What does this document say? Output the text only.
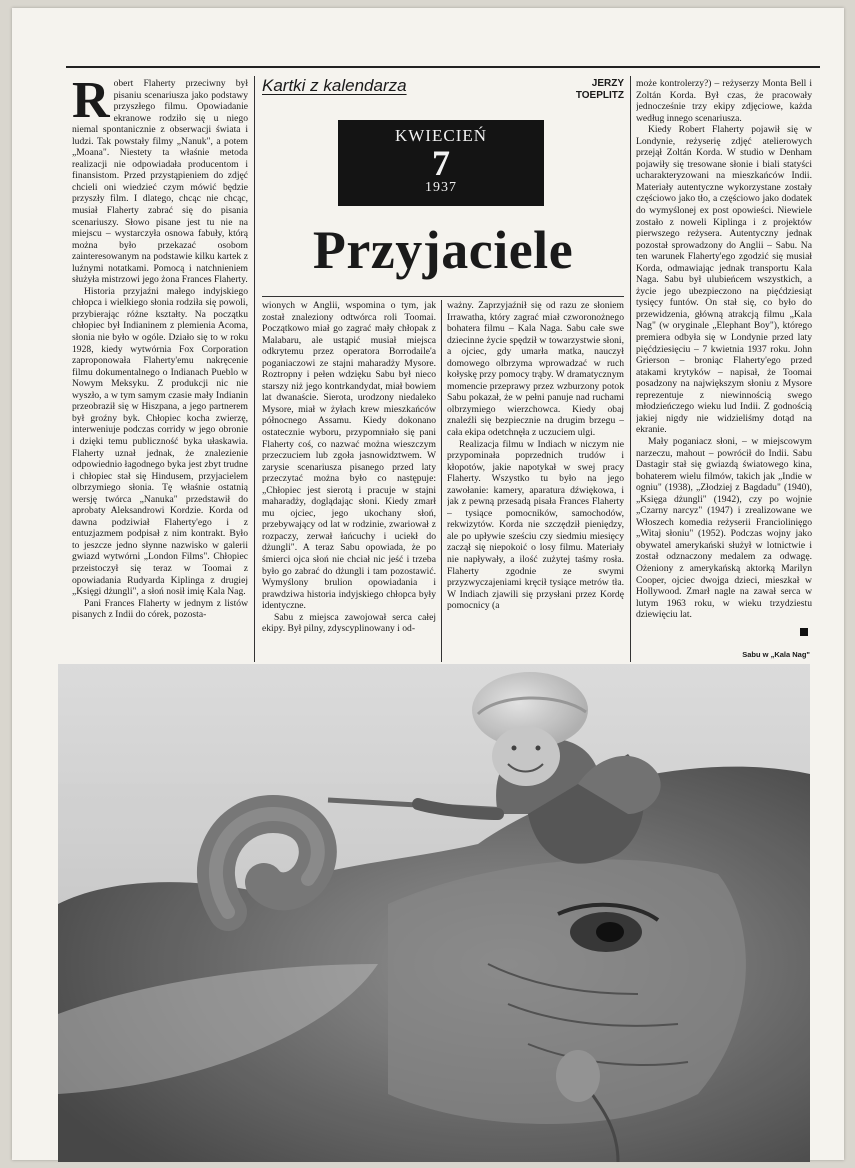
R obert Flaherty przeciwny był pisaniu scenariusza jako podstawy przyszłego filmu. Opowiadanie ekranowe rodziło się u niego niemal spontanicznie z obserwacji świata i ludzi. Tak powstały filmy „Nanuk", a potem „Moana". Niestety ta właśnie metoda realizacji nie odpowiadała producentom i finansistom. Przed przystąpieniem do zdjęć chcieli oni wiedzieć czym mówić będzie przyszły film. I dlatego, chcąc nie chcąc, musiał Flaherty zabrać się do pisania scenariuszy. Słowo pisane jest tu nie na miejscu – wystarczyła osnowa fabuły, którą można było przekazać osobom zainteresowanym na podstawie kilku kartek z luźnymi notatkami. Pomocą i natchnieniem służyła mistrzowi jego żona Frances Flaherty.

Historia przyjaźni małego indyjskiego chłopca i wielkiego słonia rodziła się powoli, przybierając różne kształty. Na początku chłopiec był Indianinem z plemienia Acoma, słonia nie było w ogóle. Działo się to w roku 1928, kiedy wytwórnia Fox Corporation zaproponowała Flaherty'emu nakręcenie filmu dokumentalnego o Indianach Pueblo w Nowym Meksyku. Z produkcji nic nie wyszło, a w tym samym czasie mały Indianin przeobraził się w Hiszpana, a jego partnerem był groźny byk. Chłopiec kocha zwierzę, interweniuje podczas corridy w jego obronie i dzięki temu publiczność byka ułaskawia. Flaherty uznał jednak, że znalezienie odpowiednio łagodnego byka jest zbyt trudne i chłopiec stał się Hindusem, przyjacielem olbrzymiego słonia. Tę właśnie ostatnią wersję twórca „Nanuka" przedstawił do aprobaty Aleksandrowi Kordzie. Korda od dawna podziwiał Flaherty'ego i z entuzjazmem podpisał z nim kontrakt. Było to jeszcze jedno słynne nazwisko w galerii gwiazd wytwórni „London Films". Chłopiec przeistoczył się teraz w Toomai z opowiadania Rudyarda Kiplinga z drugiej „Księgi dżungli", a słoń nosił imię Kala Nag.

Pani Frances Flaherty w jednym z listów pisanych z Indii do córek, pozosta-

Kartki z kalendarza	JERZY
TOEPLITZ
KWIECIEŃ
7
1937
Przyjaciele

wionych w Anglii, wspomina o tym, jak został znaleziony odtwórca roli Toomai. Początkowo miał go zagrać mały chłopak z Malabaru, ale ustąpić musiał miejsca odkrytemu przez operatora Borrodaile'a poganiaczowi ze stajni maharadży Mysore. Roztropny i pełen wdzięku Sabu był nieco starszy niż jego kontrkandydat, miał bowiem lat dwanaście. Sierota, urodzony niedaleko Mysore, miał w żyłach krew mieszkańców północnego Assamu. Kiedy dokonano ostatecznie wyboru, przypomniało się pani Flaherty coś, co nazwać można wieszczym przeczuciem lub zgoła jasnowidztwem. W zarysie scenariusza pisanego przed laty przeczytać można było co następuje: „Chłopiec jest sierotą i pracuje w stajni maharadży, doglądając słoni. Kiedy zmarł mu ojciec, jego ukochany słoń, przebywający od lat w rodzinie, zwariował z rozpaczy, zerwał łańcuchy i uciekł do dżungli". A teraz Sabu opowiada, że po śmierci ojca słoń nie chciał nic jeść i trzeba było go zabrać do dżungli i tam pozostawić. Wymyślony brulion opowiadania i prawdziwa historia indyjskiego chłopca były identyczne.

Sabu z miejsca zawojował serca całej ekipy. Był pilny, zdyscyplinowany i od-

ważny. Zaprzyjaźnił się od razu ze słoniem Irrawatha, który zagrać miał czworonożnego bohatera filmu – Kala Naga. Sabu całe swe dziecinne życie spędził w towarzystwie słoni, a ojciec, gdy umarła matka, nauczył domowego olbrzyma wprowadzać w ruch kołyskę przy pomocy trąby. W dramatycznym momencie przeprawy przez wzburzony potok Sabu pokazał, że w pełni panuje nad ruchami olbrzymiego wierzchowca. Kiedy obaj znaleźli się bezpiecznie na drugim brzegu – cała ekipa odetchnęła z uczuciem ulgi.

Realizacja filmu w Indiach w niczym nie przypominała poprzednich trudów i kłopotów, jakie napotykał w swej pracy Flaherty. Wszystko tu było na jego zawołanie: kamery, aparatura dźwiękowa, i jak z pewną przesadą pisała Frances Flaherty – tysiące pomocników, samochodów, rekwizytów. Korda nie szczędził pieniędzy, ale po upływie sześciu czy siedmiu miesięcy zaczął się niepokoić o losy filmu. Materiały nie napływały, a ilość zużytej taśmy rosła. Flaherty zgodnie ze swymi przyzwyczajeniami kręcił tysiące metrów tła. W Indiach zjawili się przysłani przez Kordę pomocnicy (a

może kontrolerzy?) – reżyserzy Monta Bell i Zoltán Korda. Był czas, że pracowały jednocześnie trzy ekipy zdjęciowe, każda według innego scenariusza.

Kiedy Robert Flaherty pojawił się w Londynie, reżyserię zdjęć atelierowych przejął Zoltán Korda. W studio w Denham pojawiły się tresowane słonie i biali statyści ucharakteryzowani na mieszkańców Indii. Materiały autentyczne wykorzystane zostały częściowo jako tło, a częściowo jako dodatek do wymyślonej ex post opowieści. Niewiele zostało z noweli Kiplinga i z projektów pierwszego reżysera. Autentyczny jednak pozostał sprowadzony do Anglii – Sabu. Na ten warunek Flaherty'ego zgodzić się musiał Korda, odmawiając jednak transportu Kala Naga. Sabu był ulubieńcem wszystkich, a życie jego ubezpieczono na pięćdziesiąt tysięcy funtów. On stał się, co było do przewidzenia, główną atrakcją filmu „Kala Nag" (w oryginale „Elephant Boy"), którego premiera odbyła się w Londynie przed laty pięćdziesięciu – 7 kwietnia 1937 roku. John Grierson – broniąc Flaherty'ego przed atakami krytyków – napisał, że Toomai posadzony na największym słoniu z Mysore reprezentuje z niewinnością swego młodzieńczego wieku lud Indii. Z godnością jakiej nigdy nie widzieliśmy dotąd na ekranie.

Mały poganiacz słoni, – w miejscowym narzeczu, mahout – powrócił do Indii. Sabu Dastagir stał się gwiazdą światowego kina, bohaterem wielu filmów, takich jak „Indie w ogniu" (1938), „Złodziej z Bagdadu" (1940), „Księga dżungli" (1942), czy po wojnie „Czarny narcyz" (1947) i zrealizowane we Włoszech komedia reżyserii Franciolinięgo „Witaj słoniu" (1952). Podczas wojny jako obywatel amerykański służył w lotnictwie i został odznaczony medalem za odwagę. Ożeniony z amerykańską aktorką Marilyn Cooper, ojciec dwojga dzieci, mieszkał w Hollywood. Zmarł nagle na zawał serca w lutym 1963 roku, w wieku trzydziestu dziewięciu lat.

Sabu w „Kala Nag"
